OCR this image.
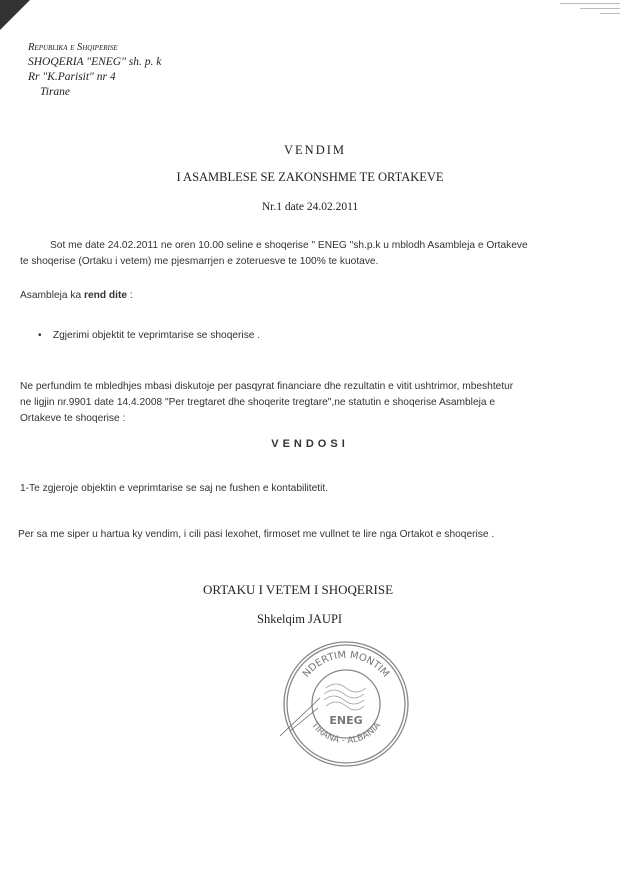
Republika e Shqiperise
SHOQERIA "ENEG" sh. p. k
Rr "K.Parisit" nr 4
Tirane
VENDIM
I ASAMBLESE SE ZAKONSHME TE ORTAKEVE
Nr.1 date 24.02.2011
Sot me date 24.02.2011 ne oren 10.00 seline e shoqerise " ENEG "sh.p.k u mblodh Asambleja e Ortakeve
te shoqerise (Ortaku i vetem) me pjesmarrjen e zoteruesve te 100% te kuotave.
Asambleja ka rend dite :
•    Zgjerimi objektit te veprimtarise se shoqerise .
Ne perfundim te mbledhjes mbasi diskutoje per pasqyrat financiare dhe rezultatin e vitit ushtrimor, mbeshtetur
ne ligjin nr.9901 date 14.4.2008 "Per tregtaret dhe shoqerite tregtare",ne statutin e shoqerise Asambleja e
Ortakeve te shoqerise :
VENDOSI
1-Te zgjeroje objektin e veprimtarise se saj ne fushen e kontabilitetit.
Per sa me siper u hartua ky vendim, i cili pasi lexohet, firmoset me vullnet te lire nga Ortakot e shoqerise .
ORTAKU I VETEM I SHOQERISE
Shkelqim JAUPI
NDERTIM MONTIM
TIRANA - ALBANIA
ENEG
